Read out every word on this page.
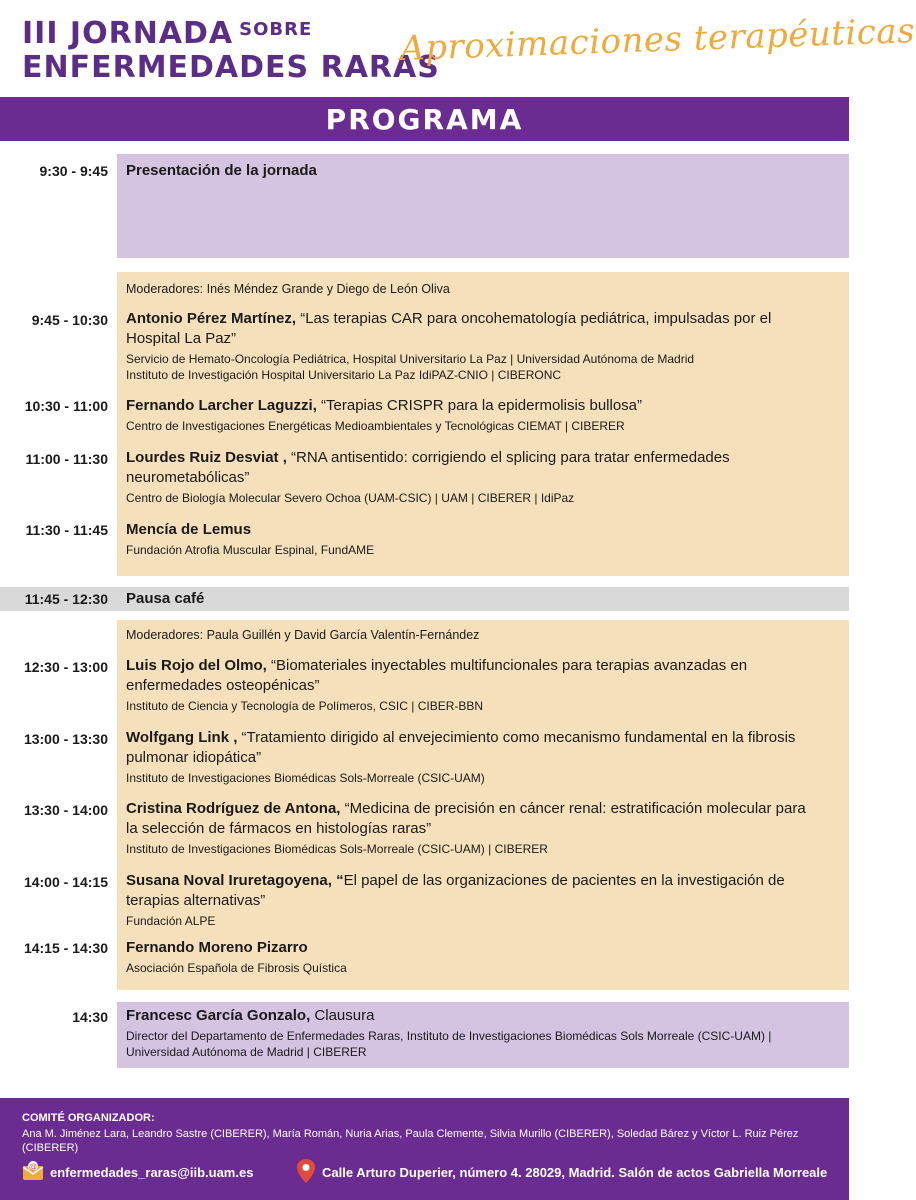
III JORNADA $^{SOBRE}$
ENFERMEDADES RARAS
Aproximaciones terapéuticas
PROGRAMA
9:30 - 9:45 Presentación de la jornada
Moderadores: Inés Méndez Grande y Diego de León Oliva
9:45 - 10:30 Antonio Pérez Martínez, “Las terapias CAR para oncohematología pediátrica, impulsadas por el Hospital La Paz”
Servicio de Hemato-Oncología Pediátrica, Hospital Universitario La Paz | Universidad Autónoma de Madrid
Instituto de Investigación Hospital Universitario La Paz IdiPAZ-CNIO | CIBERONC
10:30 - 11:00 Fernando Larcher Laguzzi, “Terapias CRISPR para la epidermolisis bullosa”
Centro de Investigaciones Energéticas Medioambientales y Tecnológicas CIEMAT | CIBERER
11:00 - 11:30 Lourdes Ruiz Desviat , “RNA antisentido: corrigiendo el splicing para tratar enfermedades neurometabólicas”
Centro de Biología Molecular Severo Ochoa (UAM-CSIC) | UAM | CIBERER | IdiPaz
11:30 - 11:45 Mencía de Lemus
Fundación Atrofia Muscular Espinal, FundAME
11:45 - 12:30 Pausa café
Moderadores: Paula Guillén y David García Valentín-Fernández
12:30 - 13:00 Luis Rojo del Olmo, “Biomateriales inyectables multifuncionales para terapias avanzadas en enfermedades osteopénicas”
Instituto de Ciencia y Tecnología de Polímeros, CSIC | CIBER-BBN
13:00 - 13:30 Wolfgang Link , “Tratamiento dirigido al envejecimiento como mecanismo fundamental en la fibrosis pulmonar idiopática”
Instituto de Investigaciones Biomédicas Sols-Morreale (CSIC-UAM)
13:30 - 14:00 Cristina Rodríguez de Antona, “Medicina de precisión en cáncer renal: estratificación molecular para la selección de fármacos en histologías raras”
Instituto de Investigaciones Biomédicas Sols-Morreale (CSIC-UAM) | CIBERER
14:00 - 14:15 Susana Noval Iruretagoyena, “El papel de las organizaciones de pacientes en la investigación de terapias alternativas”
Fundación ALPE
14:15 - 14:30 Fernando Moreno Pizarro
Asociación Española de Fibrosis Quística
14:30 Francesc García Gonzalo, Clausura
Director del Departamento de Enfermedades Raras, Instituto de Investigaciones Biomédicas Sols Morreale (CSIC-UAM) | Universidad Autónoma de Madrid | CIBERER
COMITÉ ORGANIZADOR:
Ana M. Jiménez Lara, Leandro Sastre (CIBERER), María Román, Nuria Arias, Paula Clemente, Silvia Murillo (CIBERER), Soledad Bárez y Víctor L. Ruiz Pérez (CIBERER)
@ enfermedades_raras@iib.uam.es	Calle Arturo Duperier, número 4. 28029, Madrid. Salón de actos Gabriella Morreale
